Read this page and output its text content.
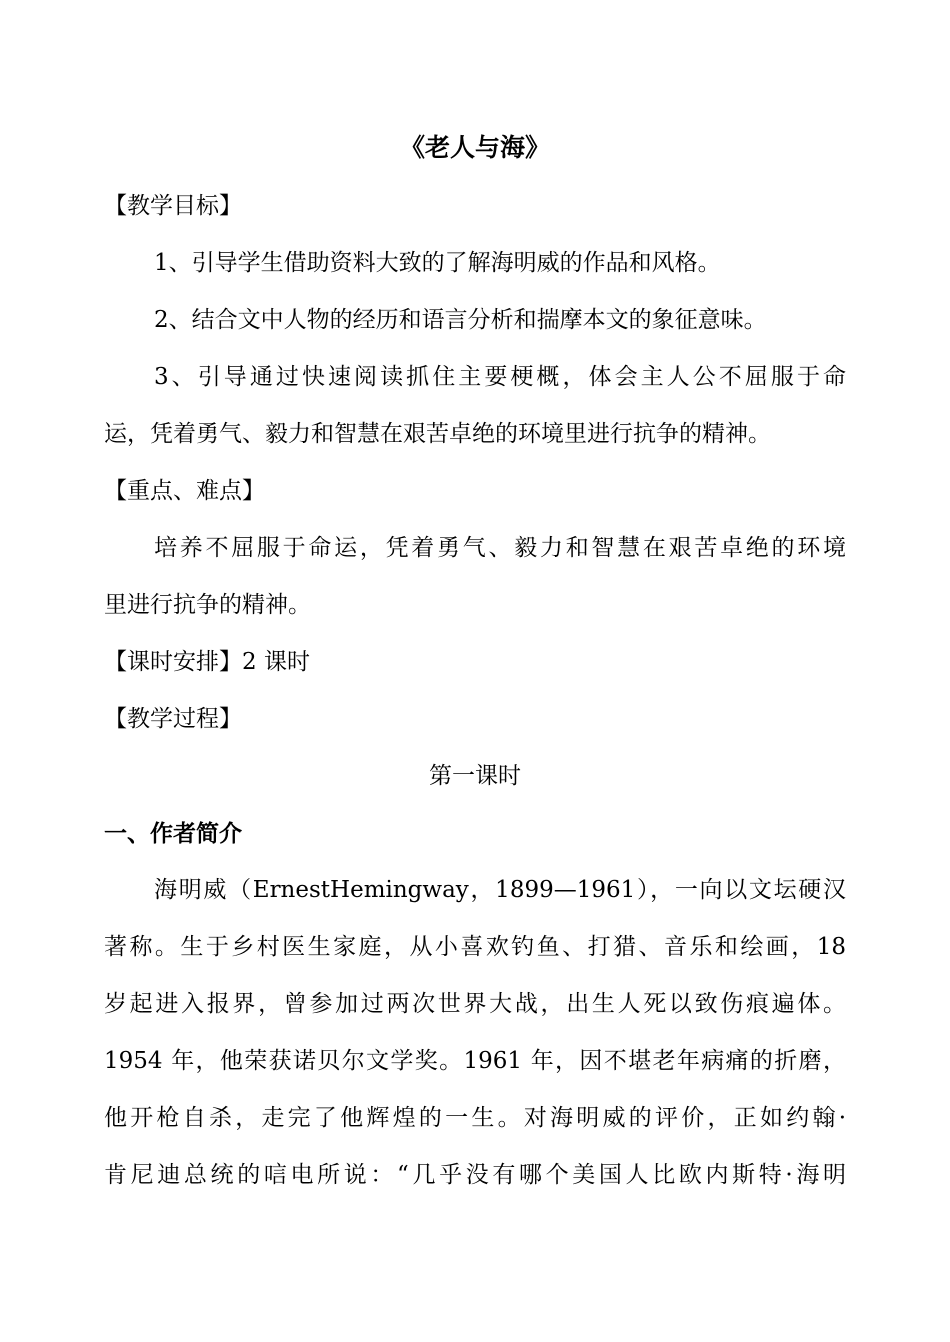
《老人与海》
【教学目标】
1、引导学生借助资料大致的了解海明威的作品和风格。
2、结合文中人物的经历和语言分析和揣摩本文的象征意味。
3、引导通过快速阅读抓住主要梗概，体会主人公不屈服于命
运，凭着勇气、毅力和智慧在艰苦卓绝的环境里进行抗争的精神。
【重点、难点】
培养不屈服于命运，凭着勇气、毅力和智慧在艰苦卓绝的环境
里进行抗争的精神。
【课时安排】2 课时
【教学过程】
第一课时
一、作者简介
海明威（ErnestHemingway，1899—1961），一向以文坛硬汉
著称。生于乡村医生家庭，从小喜欢钓鱼、打猎、音乐和绘画，18
岁起进入报界，曾参加过两次世界大战，出生人死以致伤痕遍体。
1954 年，他荣获诺贝尔文学奖。1961 年，因不堪老年病痛的折磨，
他开枪自杀，走完了他辉煌的一生。对海明威的评价，正如约翰·
肯尼迪总统的唁电所说：“几乎没有哪个美国人比欧内斯特·海明
